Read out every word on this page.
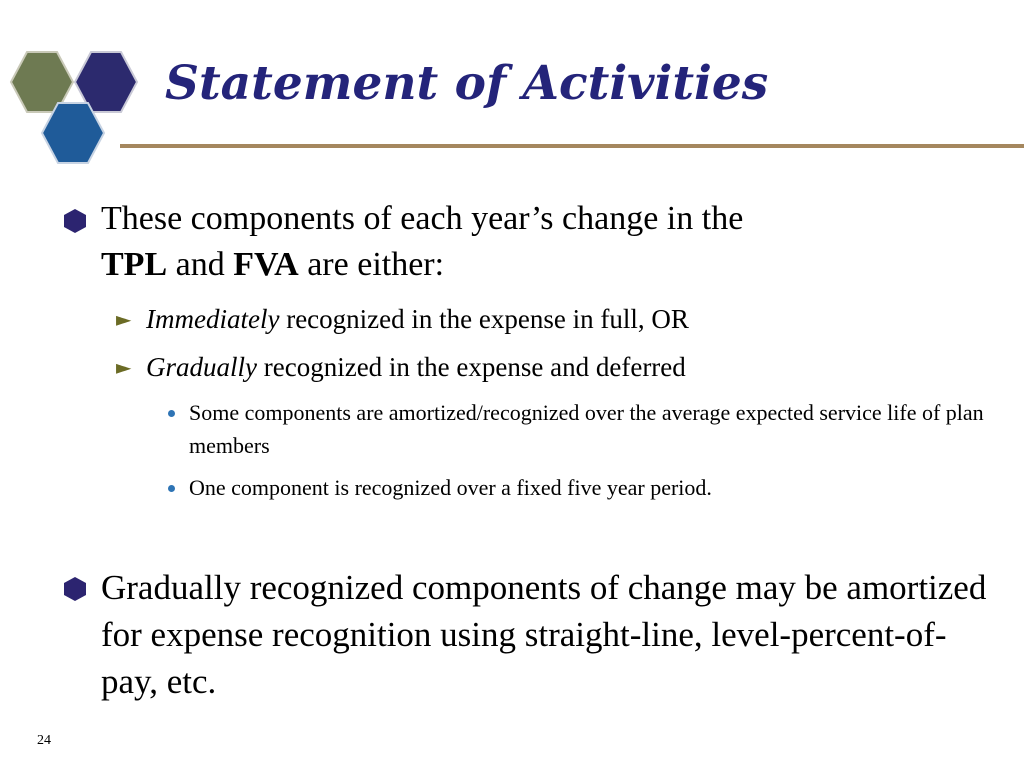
Statement of Activities
These components of each year’s change in the
TPL and FVA are either:
► Immediately recognized in the expense in full, OR
► Gradually recognized in the expense and deferred
Some components are amortized/recognized over the average expected service life of plan members
One component is recognized over a fixed five year period.
Gradually recognized components of change may be amortized for expense recognition using straight-line, level-percent-of-pay, etc.
24
